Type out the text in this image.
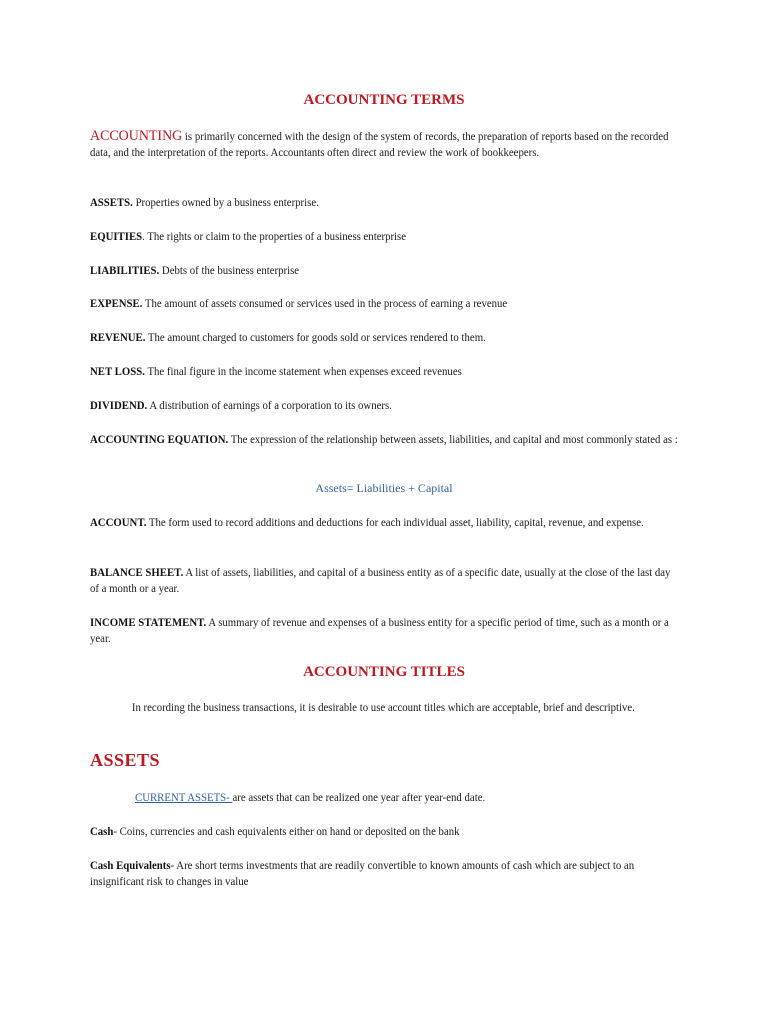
ACCOUNTING TERMS

ACCOUNTING is primarily concerned with the design of the system of records, the preparation of reports based on the recorded data, and the interpretation of the reports. Accountants often direct and review the work of bookkeepers.

ASSETS. Properties owned by a business enterprise.

EQUITIES. The rights or claim to the properties of a business enterprise

LIABILITIES. Debts of the business enterprise

EXPENSE. The amount of assets consumed or services used in the process of earning a revenue

REVENUE. The amount charged to customers for goods sold or services rendered to them.

NET LOSS. The final figure in the income statement when expenses exceed revenues

DIVIDEND. A distribution of earnings of a corporation to its owners.

ACCOUNTING EQUATION. The expression of the relationship between assets, liabilities, and capital and most commonly stated as :

Assets= Liabilities + Capital

ACCOUNT. The form used to record additions and deductions for each individual asset, liability, capital, revenue, and expense.

BALANCE SHEET. A list of assets, liabilities, and capital of a business entity as of a specific date, usually at the close of the last day of a month or a year.

INCOME STATEMENT. A summary of revenue and expenses of a business entity for a specific period of time, such as a month or a year.

ACCOUNTING TITLES

In recording the business transactions, it is desirable to use account titles which are acceptable, brief and descriptive.

ASSETS

CURRENT ASSETS- are assets that can be realized one year after year-end date.

Cash- Coins, currencies and cash equivalents either on hand or deposited on the bank

Cash Equivalents- Are short terms investments that are readily convertible to known amounts of cash which are subject to an insignificant risk to changes in value
